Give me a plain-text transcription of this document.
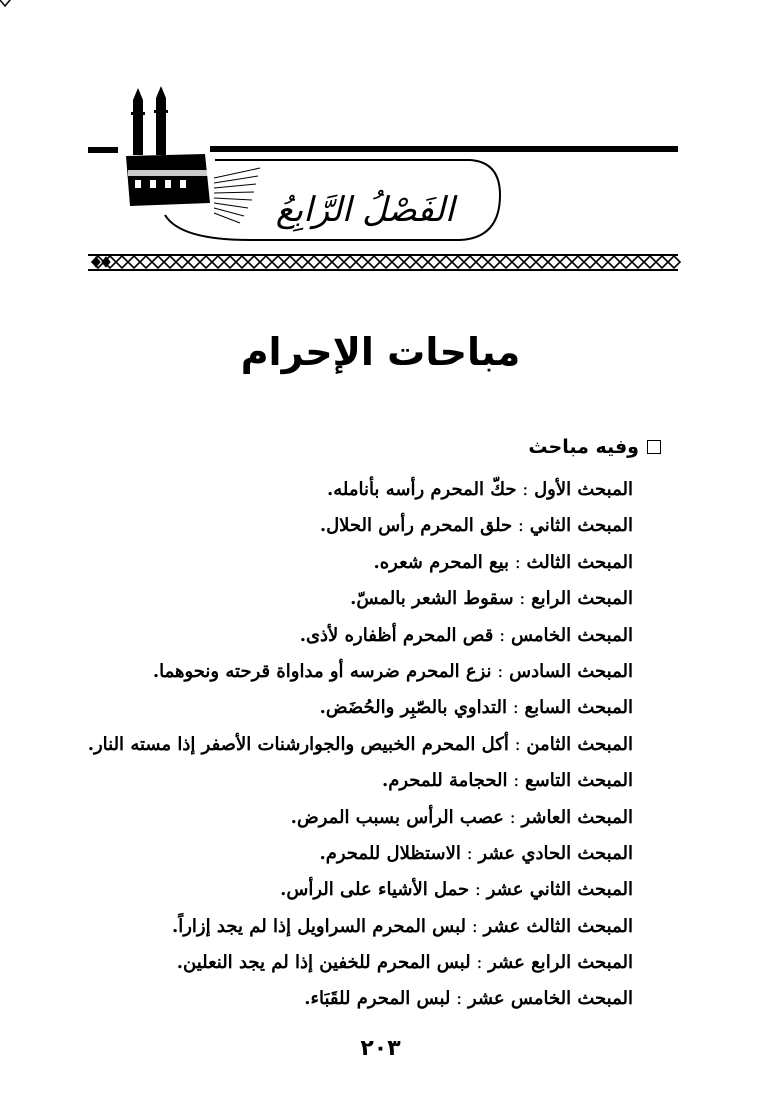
الفَصْلُ الرَّابِعُ
مباحات الإحرام
وفيه مباحث
المبحث الأول : حكّ المحرم رأسه بأنامله.
المبحث الثاني : حلق المحرم رأس الحلال.
المبحث الثالث : بيع المحرم شعره.
المبحث الرابع : سقوط الشعر بالمسّ.
المبحث الخامس : قص المحرم أظفاره لأذى.
المبحث السادس : نزع المحرم ضرسه أو مداواة قرحته ونحوهما.
المبحث السابع : التداوي بالصّبِر والحُضَض.
المبحث الثامن : أكل المحرم الخبيص والجوارشنات الأصفر إذا مسته النار.
المبحث التاسع : الحجامة للمحرم.
المبحث العاشر : عصب الرأس بسبب المرض.
المبحث الحادي عشر : الاستظلال للمحرم.
المبحث الثاني عشر : حمل الأشياء على الرأس.
المبحث الثالث عشر : لبس المحرم السراويل إذا لم يجد إزاراً.
المبحث الرابع عشر : لبس المحرم للخفين إذا لم يجد النعلين.
المبحث الخامس عشر : لبس المحرم للقَبَاء.
٢٠٣
